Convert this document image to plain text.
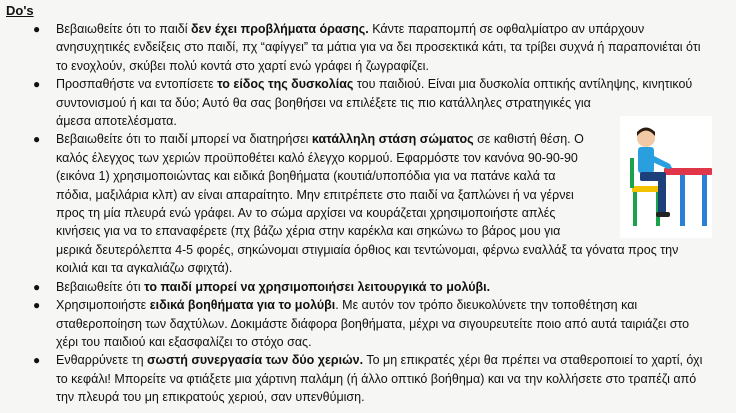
Do's
● Βεβαιωθείτε ότι το παιδί δεν έχει προβλήματα όρασης. Κάντε παραπομπή σε οφθαλμίατρο αν υπάρχουν
ανησυχητικές ενδείξεις στο παιδί, πχ “αφίγγει” τα μάτια για να δει προσεκτικά κάτι, τα τρίβει συχνά ή παραπονιέται ότι
το ενοχλούν, σκύβει πολύ κοντά στο χαρτί ενώ γράφει ή ζωγραφίζει.
● Προσπαθήστε να εντοπίσετε το είδος της δυσκολίας του παιδιού. Είναι μια δυσκολία οπτικής αντίληψης, κινητικού
συντονισμού ή και τα δύο; Αυτό θα σας βοηθήσει να επιλέξετε τις πιο κατάλληλες στρατηγικές για
άμεσα αποτελέσματα.
● Βεβαιωθείτε ότι το παιδί μπορεί να διατηρήσει κατάλληλη στάση σώματος σε καθιστή θέση. Ο
καλός έλεγχος των χεριών προϋποθέτει καλό έλεγχο κορμού. Εφαρμόστε τον κανόνα 90-90-90
(εικόνα 1) χρησιμοποιώντας και ειδικά βοηθήματα (κουτιά/υποπόδια για να πατάνε καλά τα
πόδια, μαξιλάρια κλπ) αν είναι απαραίτητο. Μην επιτρέπετε στο παιδί να ξαπλώνει ή να γέρνει
προς τη μία πλευρά ενώ γράφει. Αν το σώμα αρχίσει να κουράζεται χρησιμοποιήστε απλές
κινήσεις για να το επαναφέρετε (πχ βάζω χέρια στην καρέκλα και σηκώνω το βάρος μου για
μερικά δευτερόλεπτα 4-5 φορές, σηκώνομαι στιγμιαία όρθιος και τεντώνομαι, φέρνω εναλλάξ τα γόνατα προς την
κοιλιά και τα αγκαλιάζω σφιχτά).
● Βεβαιωθείτε ότι το παιδί μπορεί να χρησιμοποιήσει λειτουργικά το μολύβι.
● Χρησιμοποιήστε ειδικά βοηθήματα για το μολύβι. Με αυτόν τον τρόπο διευκολύνετε την τοποθέτηση και
σταθεροποίηση των δαχτύλων. Δοκιμάστε διάφορα βοηθήματα, μέχρι να σιγουρευτείτε ποιο από αυτά ταιριάζει στο
χέρι του παιδιού και εξασφαλίζει το στόχο σας.
● Ενθαρρύνετε τη σωστή συνεργασία των δύο χεριών. Το μη επικρατές χέρι θα πρέπει να σταθεροποιεί το χαρτί, όχι
το κεφάλι! Μπορείτε να φτιάξετε μια χάρτινη παλάμη (ή άλλο οπτικό βοήθημα) και να την κολλήσετε στο τραπέζι από
την πλευρά του μη επικρατούς χεριού, σαν υπενθύμιση.
